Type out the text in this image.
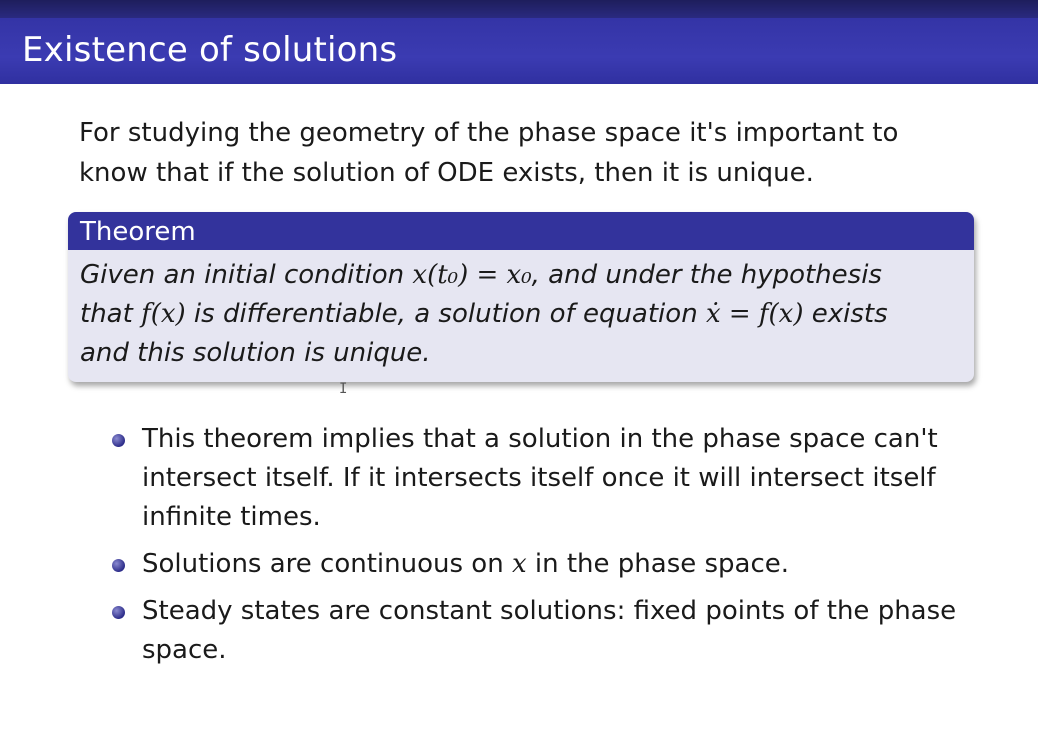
Existence of solutions

For studying the geometry of the phase space it's important to know that if the solution of ODE exists, then it is unique.

Theorem
Given an initial condition x(t₀) = x₀, and under the hypothesis
that f(x) is differentiable, a solution of equation ẋ = f(x) exists
and this solution is unique.
I
This theorem implies that a solution in the phase space can't intersect itself. If it intersects itself once it will intersect itself infinite times.
Solutions are continuous on x in the phase space.
Steady states are constant solutions: fixed points of the phase space.
